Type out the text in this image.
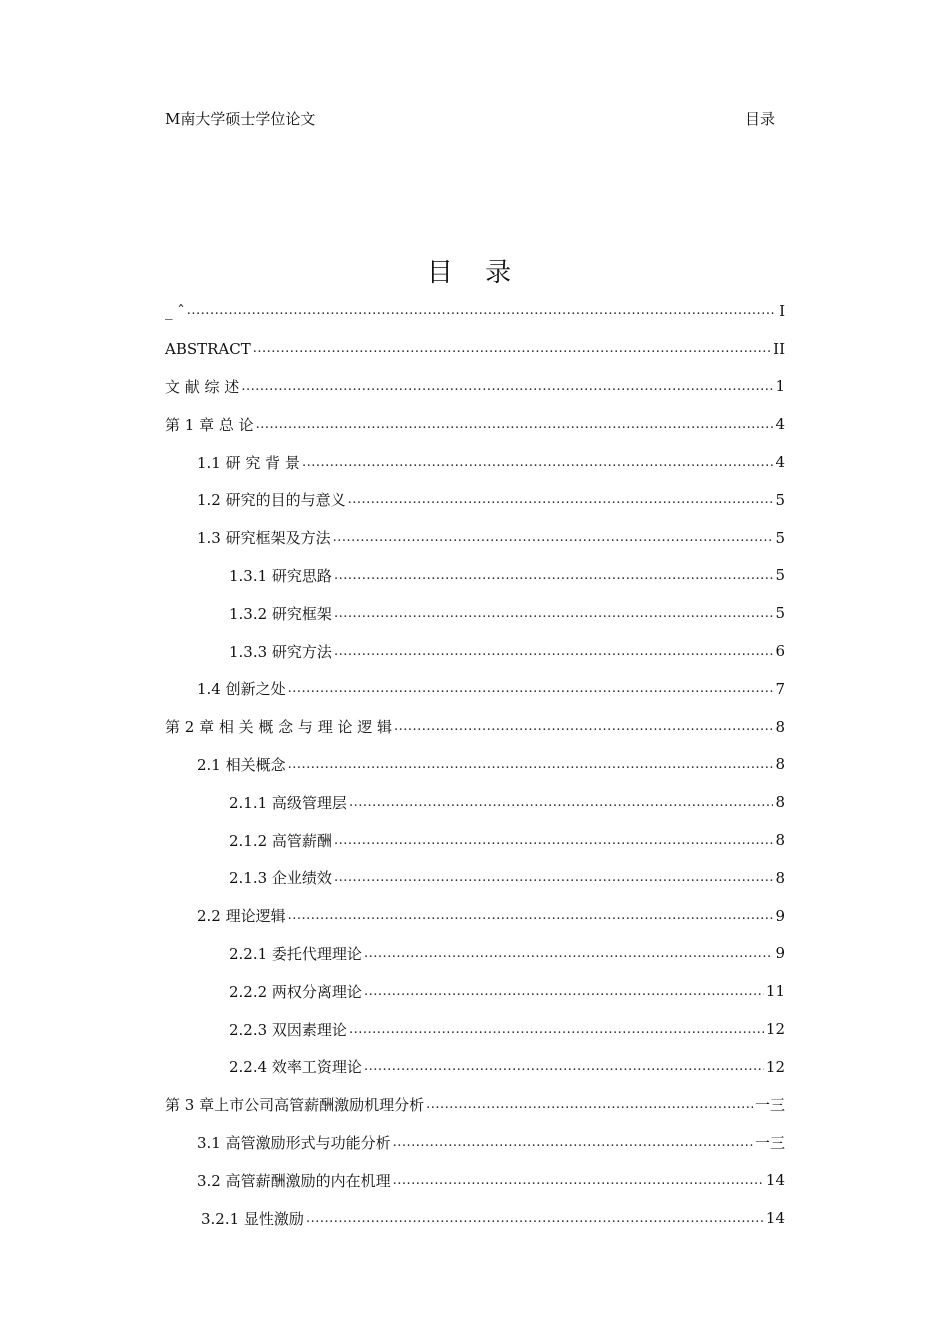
M南大学硕士学位论文	目录
目 录
_ ˆ .....	I
ABSTRACT .....	II
文 献 综 述 .....	1
第 1 章 总 论 .....	4
1.1 研 究 背 景 .....	4
1.2 研究的目的与意义 .....	5
1.3 研究框架及方法 .....	5
1.3.1 研究思路 .....	5
1.3.2 研究框架 .....	5
1.3.3 研究方法 .....	6
1.4 创新之处 .....	7
第 2 章 相 关 概 念 与 理 论 逻 辑 .....	8
2.1 相关概念 .....	8
2.1.1 高级管理层 .....	8
2.1.2 高管薪酬 .....	8
2.1.3 企业绩效 .....	8
2.2 理论逻辑 .....	9
2.2.1 委托代理理论 .....	9
2.2.2 两权分离理论 .....	11
2.2.3 双因素理论 .....	12
2.2.4 效率工资理论 .....	12
第 3 章上市公司高管薪酬激励机理分析 .....	一三
3.1 高管激励形式与功能分析 .....	一三
3.2 高管薪酬激励的内在机理 .....	14
3.2.1 显性激励 .....	14
